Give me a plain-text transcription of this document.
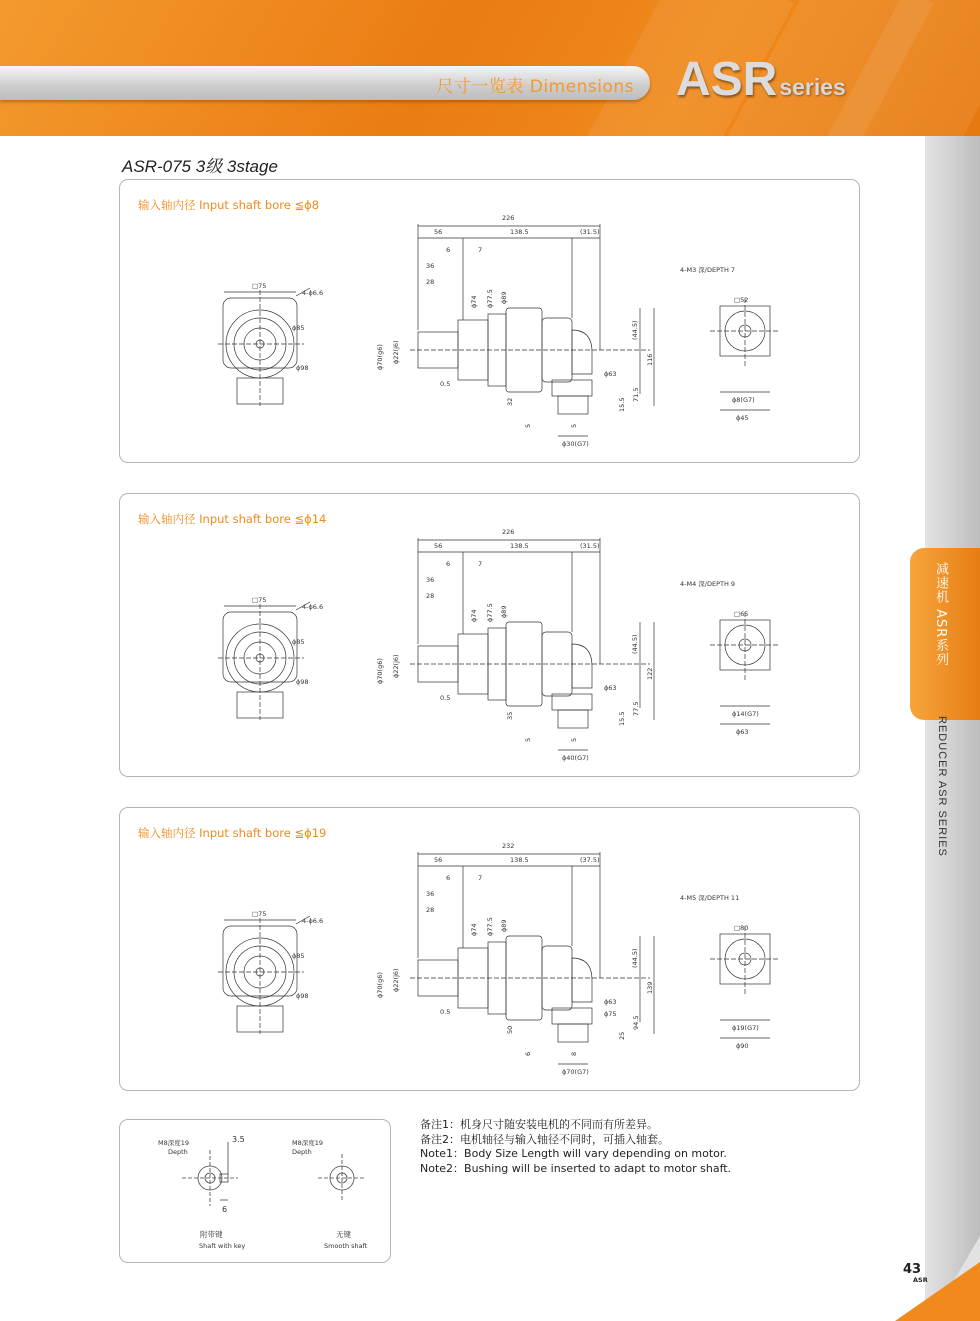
尺寸一览表 Dimensions ASRseries
减速机 ASR系列
REDUCER ASR SERIES
ASR-075 3级 3stage
输入轴内径 Input shaft bore ≦ϕ8
□75
4-ϕ6.6
ϕ85
ϕ98
226
56	138.5	(31.5)
6	7
36
28
ϕ74 ϕ77.5 ϕ89
ϕ70(g6) ϕ22(j6)
0.5
(44.5)
116
71.5
ϕ63
32
5	5
15.5
ϕ30(G7)
4-M3 深/DEPTH 7
□52
ϕ8(G7)
ϕ45
输入轴内径 Input shaft bore ≦ϕ14
□75
4-ϕ6.6
ϕ85
ϕ98
226
56	138.5	(31.5)
6	7
36
28
ϕ74 ϕ77.5 ϕ89
ϕ70(g6) ϕ22(j6)
0.5
(44.5)
122
77.5
ϕ63
35
5	5
15.5
ϕ40(G7)
4-M4 深/DEPTH 9
□65
ϕ14(G7)
ϕ63
输入轴内径 Input shaft bore ≦ϕ19
□75
4-ϕ6.6
ϕ85
ϕ98
232
56	138.5	(37.5)
6	7
36
28
ϕ74 ϕ77.5 ϕ89
ϕ70(g6) ϕ22(j6)
0.5
(44.5)
139
94.5
ϕ63
ϕ75
50
6	8
25
ϕ70(G7)
4-M5 深/DEPTH 11
□80
ϕ19(G7)
ϕ90
M8深度19
Depth
3.5
6
附带键
Shaft with key
M8深度19
Depth
无键
Smooth shaft
备注1：机身尺寸随安装电机的不同而有所差异。
备注2：电机轴径与输入轴径不同时，可插入轴套。
Note1：Body Size Length will vary depending on motor.
Note2：Bushing will be inserted to adapt to motor shaft.
43
ASR
